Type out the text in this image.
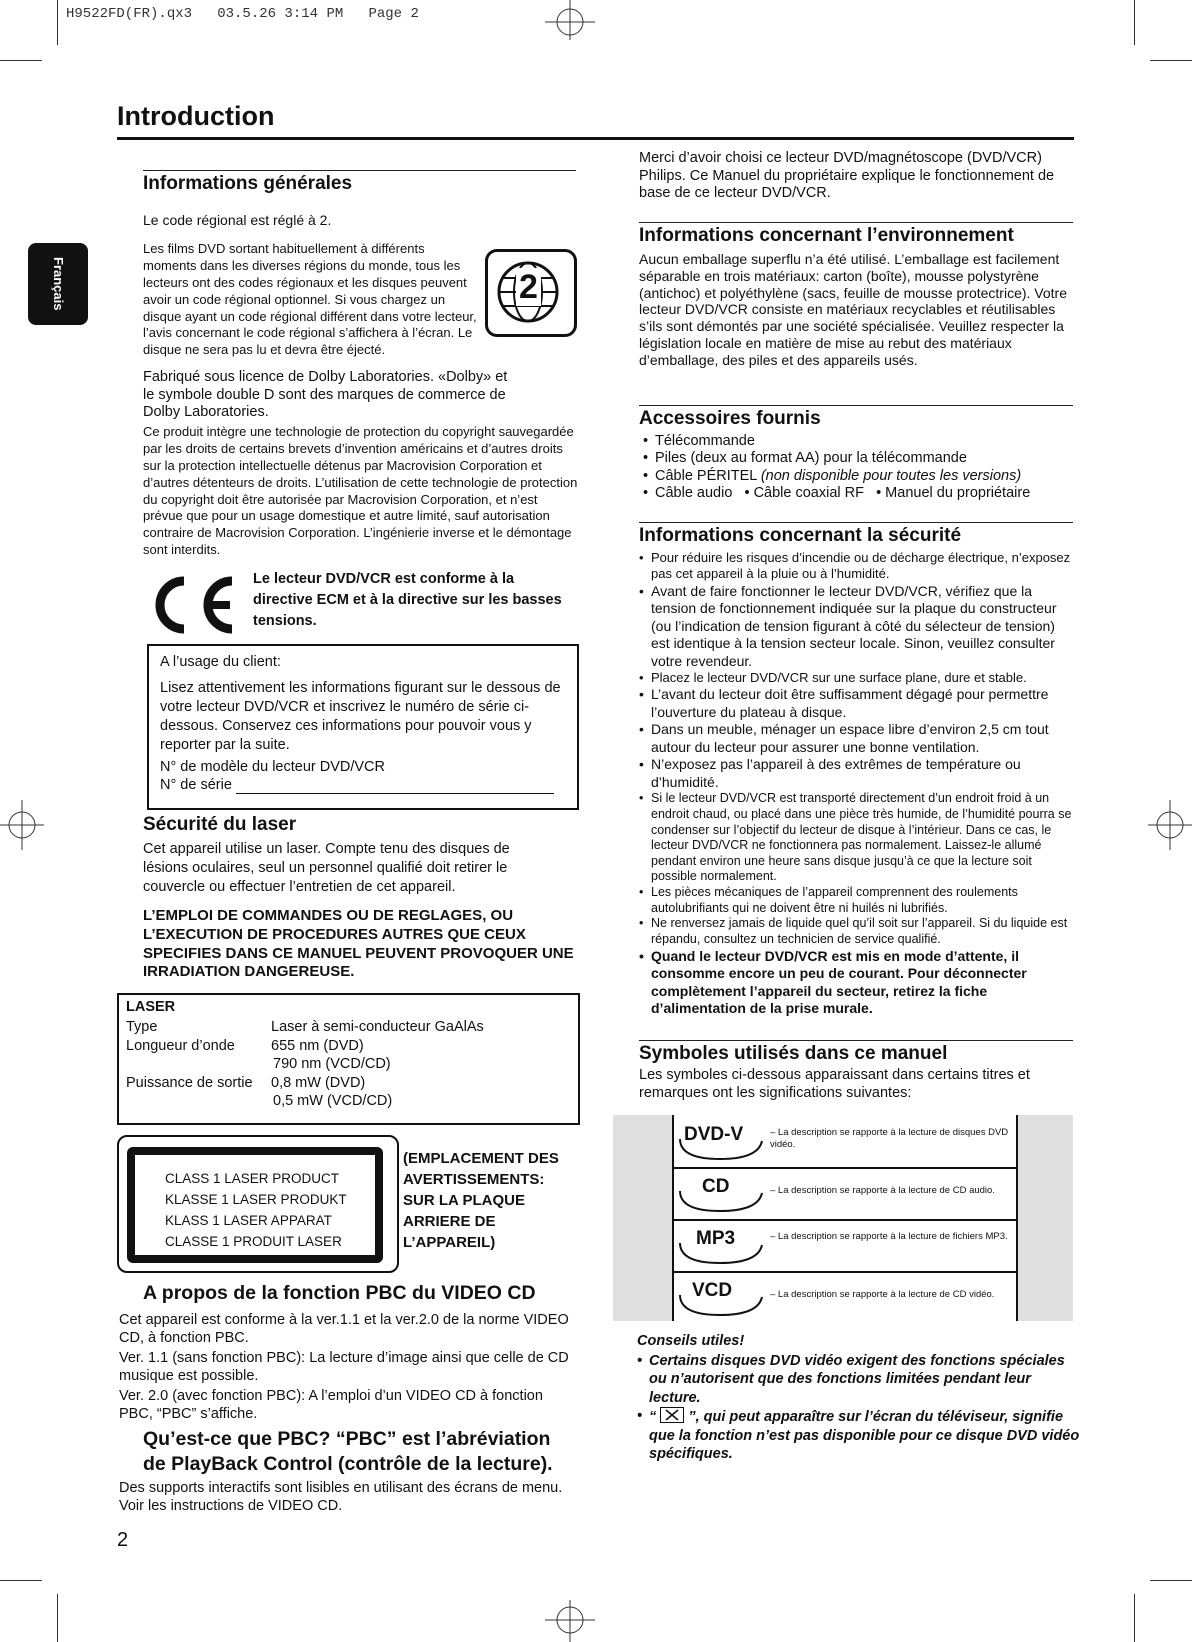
H9522FD(FR).qx3   03.5.26 3:14 PM   Page 2
Introduction
Français
Informations générales

Le code régional est réglé à 2.

Les films DVD sortant habituellement à différents moments dans les diverses régions du monde, tous les lecteurs ont des codes régionaux et les disques peuvent avoir un code régional optionnel. Si vous chargez un disque ayant un code régional différent dans votre lecteur, l’avis concernant le code régional s’affichera à l’écran. Le disque ne sera pas lu et devra être éjecté.

2

Fabriqué sous licence de Dolby Laboratories. «Dolby» et le symbole double D sont des marques de commerce de Dolby Laboratories.

Ce produit intègre une technologie de protection du copyright sauvegardée par les droits de certains brevets d’invention américains et d’autres droits sur la protection intellectuelle détenus par Macrovision Corporation et d’autres détenteurs de droits. L’utilisation de cette technologie de protection du copyright doit être autorisée par Macrovision Corporation, et n’est prévue que pour un usage domestique et autre limité, sauf autorisation contraire de Macrovision Corporation. L’ingénierie inverse et le démontage sont interdits.

Le lecteur DVD/VCR est conforme à la directive ECM et à la directive sur les basses tensions.

A l’usage du client:

Lisez attentivement les informations figurant sur le dessous de votre lecteur DVD/VCR et inscrivez le numéro de série ci-dessous. Conservez ces informations pour pouvoir vous y reporter par la suite.

N° de modèle du lecteur DVD/VCR

N° de série

Sécurité du laser

Cet appareil utilise un laser. Compte tenu des disques de lésions oculaires, seul un personnel qualifié doit retirer le couvercle ou effectuer l’entretien de cet appareil.

L’EMPLOI DE COMMANDES OU DE REGLAGES, OU L’EXECUTION DE PROCEDURES AUTRES QUE CEUX SPECIFIES DANS CE MANUEL PEUVENT PROVOQUER UNE IRRADIATION DANGEREUSE.

LASER
Type	Laser à semi-conducteur GaAlAs
Longueur d’onde	655 nm (DVD)
790 nm (VCD/CD)
Puissance de sortie	0,8 mW (DVD)
0,5 mW (VCD/CD)
CLASS 1 LASER PRODUCT
KLASSE 1 LASER PRODUKT
KLASS 1 LASER APPARAT
CLASSE 1 PRODUIT LASER

(EMPLACEMENT DES AVERTISSEMENTS: SUR LA PLAQUE ARRIERE DE L’APPAREIL)

A propos de la fonction PBC du VIDEO CD

Cet appareil est conforme à la ver.1.1 et la ver.2.0 de la norme VIDEO CD, à fonction PBC.

Ver. 1.1 (sans fonction PBC): La lecture d’image ainsi que celle de CD musique est possible.

Ver. 2.0 (avec fonction PBC): A l’emploi d’un VIDEO CD à fonction PBC, “PBC” s’affiche.

Qu’est-ce que PBC? “PBC” est l’abréviation
de PlayBack Control (contrôle de la lecture).

Des supports interactifs sont lisibles en utilisant des écrans de menu. Voir les instructions de VIDEO CD.

2

Merci d’avoir choisi ce lecteur DVD/magnétoscope (DVD/VCR) Philips. Ce Manuel du propriétaire explique le fonctionnement de base de ce lecteur DVD/VCR.

Informations concernant l’environnement

Aucun emballage superflu n’a été utilisé. L’emballage est facilement séparable en trois matériaux: carton (boîte), mousse polystyrène (antichoc) et polyéthylène (sacs, feuille de mousse protectrice). Votre lecteur DVD/VCR consiste en matériaux recyclables et réutilisables s’ils sont démontés par une société spécialisée. Veuillez respecter la législation locale en matière de mise au rebut des matériaux d’emballage, des piles et des appareils usés.

Accessoires fournis
• Télécommande
• Piles (deux au format AA) pour la télécommande
• Câble PÉRITEL (non disponible pour toutes les versions)
• Câble audio   • Câble coaxial RF   • Manuel du propriétaire
Informations concernant la sécurité
• Pour réduire les risques d’incendie ou de décharge électrique, n’exposez pas cet appareil à la pluie ou à l’humidité.
• Avant de faire fonctionner le lecteur DVD/VCR, vérifiez que la tension de fonctionnement indiquée sur la plaque du constructeur (ou l’indication de tension figurant à côté du sélecteur de tension) est identique à la tension secteur locale. Sinon, veuillez consulter votre revendeur.
• Placez le lecteur DVD/VCR sur une surface plane, dure et stable.
• L’avant du lecteur doit être suffisamment dégagé pour permettre l’ouverture du plateau à disque.
• Dans un meuble, ménager un espace libre d’environ 2,5 cm tout autour du lecteur pour assurer une bonne ventilation.
• N’exposez pas l’appareil à des extrêmes de température ou d’humidité.
• Si le lecteur DVD/VCR est transporté directement d’un endroit froid à un endroit chaud, ou placé dans une pièce très humide, de l’humidité pourra se condenser sur l’objectif du lecteur de disque à l’intérieur. Dans ce cas, le lecteur DVD/VCR ne fonctionnera pas normalement. Laissez-le allumé pendant environ une heure sans disque jusqu’à ce que la lecture soit possible normalement.
• Les pièces mécaniques de l’appareil comprennent des roulements autolubrifiants qui ne doivent être ni huilés ni lubrifiés.
• Ne renversez jamais de liquide quel qu’il soit sur l’appareil. Si du liquide est répandu, consultez un technicien de service qualifié.
• Quand le lecteur DVD/VCR est mis en mode d’attente, il consomme encore un peu de courant. Pour déconnecter complètement l’appareil du secteur, retirez la fiche d’alimentation de la prise murale.
Symboles utilisés dans ce manuel

Les symboles ci-dessous apparaissant dans certains titres et remarques ont les significations suivantes:

DVD-V	– La description se rapporte à la lecture de disques DVD vidéo.
CD	– La description se rapporte à la lecture de CD audio.
MP3	– La description se rapporte à la lecture de fichiers MP3.
VCD	– La description se rapporte à la lecture de CD vidéo.

Conseils utiles!

• Certains disques DVD vidéo exigent des fonctions spéciales ou n’autorisent que des fonctions limitées pendant leur lecture.
• “
”, qui peut apparaître sur l’écran du téléviseur, signifie que la fonction n’est pas disponible pour ce disque DVD vidéo spécifiques.
